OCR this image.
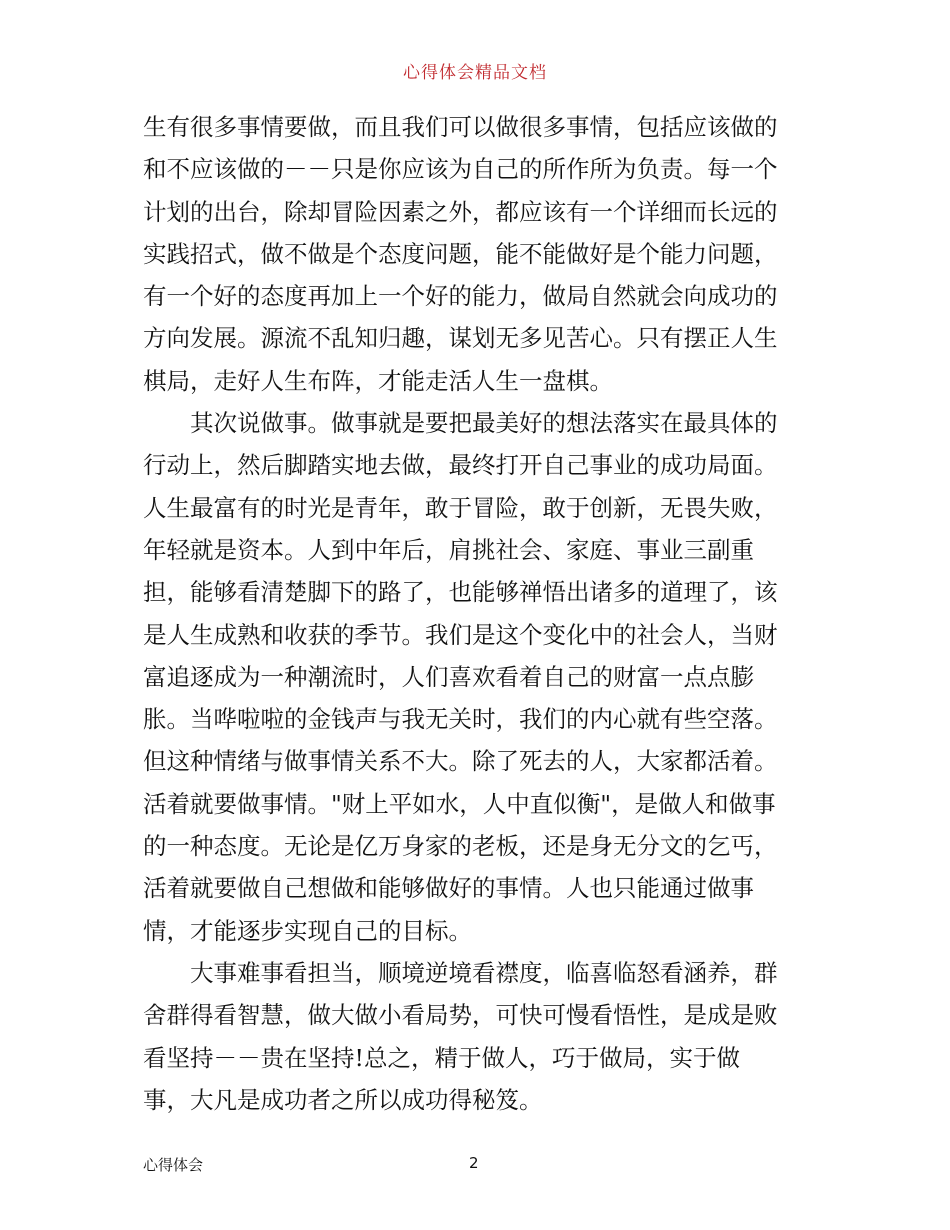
心得体会精品文档
生有很多事情要做，而且我们可以做很多事情，包括应该做的
和不应该做的－－只是你应该为自己的所作所为负责。每一个
计划的出台，除却冒险因素之外，都应该有一个详细而长远的
实践招式，做不做是个态度问题，能不能做好是个能力问题，
有一个好的态度再加上一个好的能力，做局自然就会向成功的
方向发展。源流不乱知归趣，谋划无多见苦心。只有摆正人生
棋局，走好人生布阵，才能走活人生一盘棋。
其次说做事。做事就是要把最美好的想法落实在最具体的
行动上，然后脚踏实地去做，最终打开自己事业的成功局面。
人生最富有的时光是青年，敢于冒险，敢于创新，无畏失败，
年轻就是资本。人到中年后，肩挑社会、家庭、事业三副重
担，能够看清楚脚下的路了，也能够禅悟出诸多的道理了，该
是人生成熟和收获的季节。我们是这个变化中的社会人，当财
富追逐成为一种潮流时，人们喜欢看着自己的财富一点点膨
胀。当哗啦啦的金钱声与我无关时，我们的内心就有些空落。
但这种情绪与做事情关系不大。除了死去的人，大家都活着。
活着就要做事情。"财上平如水，人中直似衡"，是做人和做事
的一种态度。无论是亿万身家的老板，还是身无分文的乞丐，
活着就要做自己想做和能够做好的事情。人也只能通过做事
情，才能逐步实现自己的目标。
大事难事看担当，顺境逆境看襟度，临喜临怒看涵养，群
舍群得看智慧，做大做小看局势，可快可慢看悟性，是成是败
看坚持－－贵在坚持!总之，精于做人，巧于做局，实于做
事，大凡是成功者之所以成功得秘笈。
心得体会	2
